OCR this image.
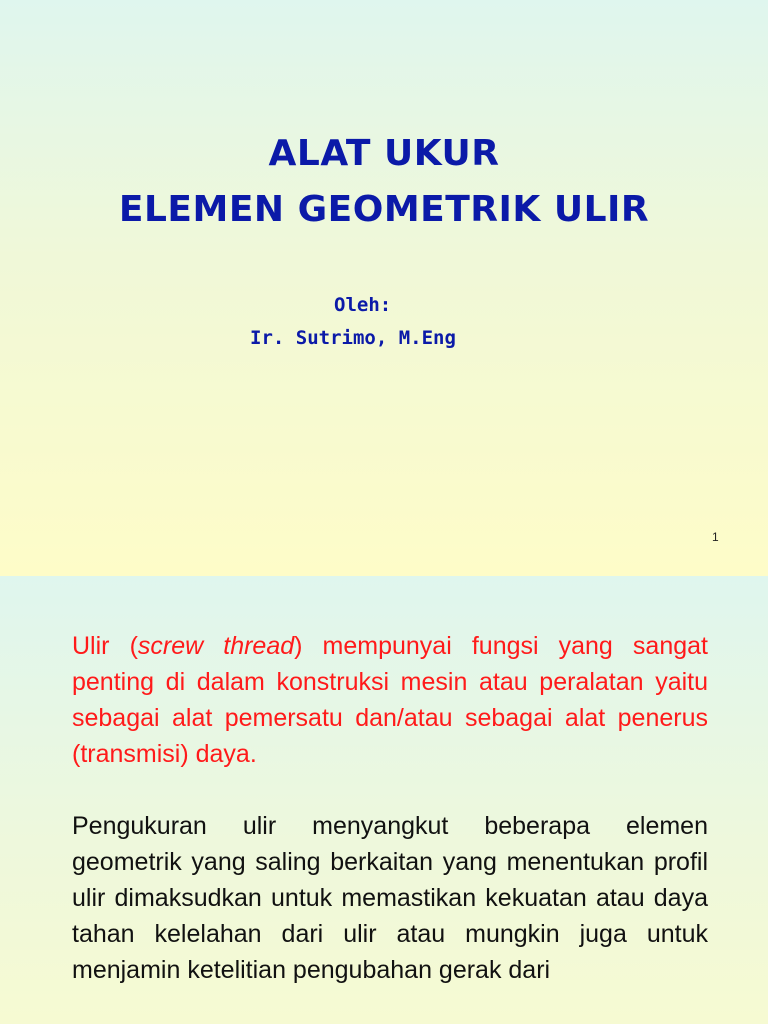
ALAT UKUR
ELEMEN GEOMETRIK ULIR
Oleh:
Ir. Sutrimo, M.Eng
1

Ulir (screw thread) mempunyai fungsi yang sangat penting di dalam konstruksi mesin atau peralatan yaitu sebagai alat pemersatu dan/atau sebagai alat penerus (transmisi) daya.

Pengukuran ulir menyangkut beberapa elemen geometrik yang saling berkaitan yang menentukan profil ulir dimaksudkan untuk memastikan kekuatan atau daya tahan kelelahan dari ulir atau mungkin juga untuk menjamin ketelitian pengubahan gerak dari
